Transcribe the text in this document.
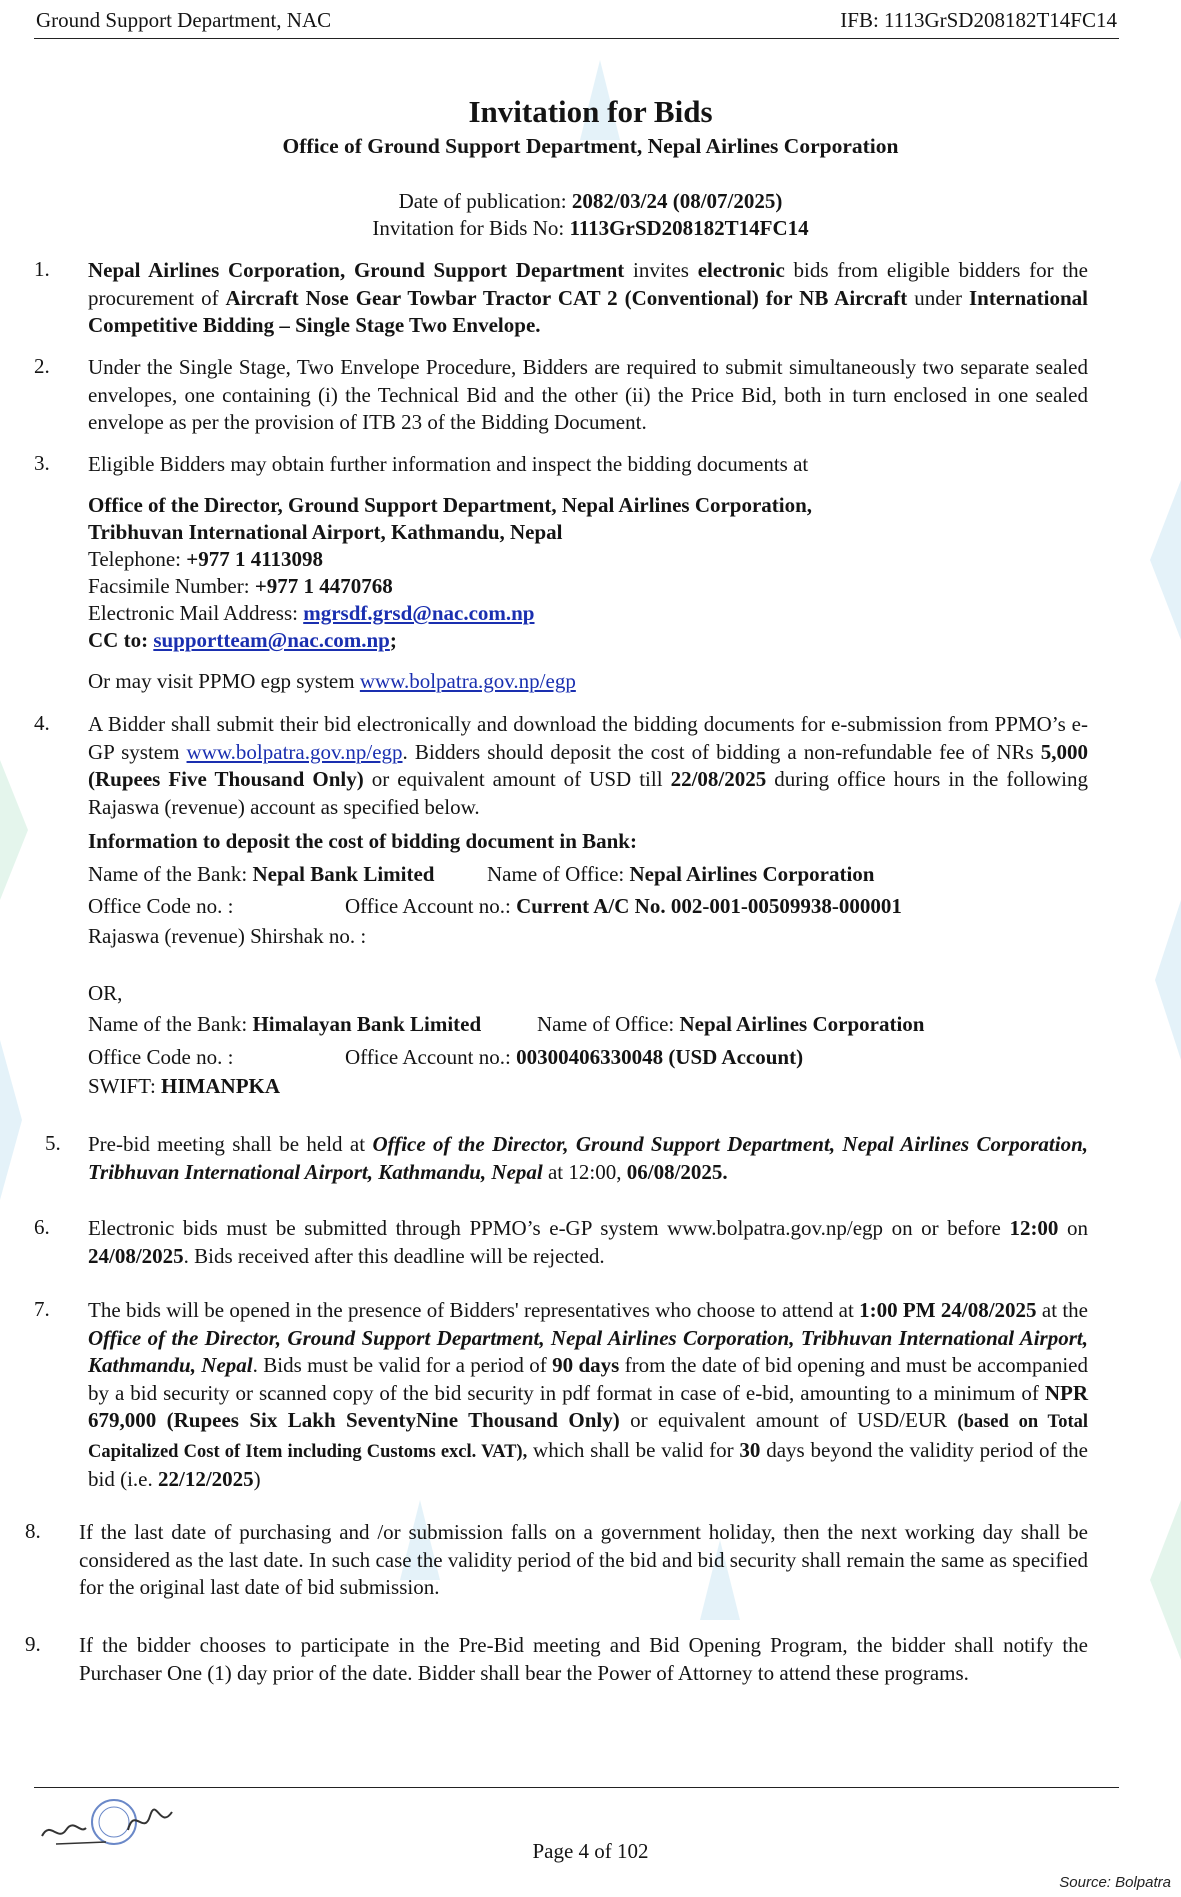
Ground Support Department, NAC	IFB: 1113GrSD208182T14FC14
Invitation for Bids
Office of Ground Support Department, Nepal Airlines Corporation
Date of publication: 2082/03/24 (08/07/2025)
Invitation for Bids No: 1113GrSD208182T14FC14
1. Nepal Airlines Corporation, Ground Support Department invites electronic bids from eligible bidders for the procurement of Aircraft Nose Gear Towbar Tractor CAT 2 (Conventional) for NB Aircraft under International Competitive Bidding – Single Stage Two Envelope.
2. Under the Single Stage, Two Envelope Procedure, Bidders are required to submit simultaneously two separate sealed envelopes, one containing (i) the Technical Bid and the other (ii) the Price Bid, both in turn enclosed in one sealed envelope as per the provision of ITB 23 of the Bidding Document.
3. Eligible Bidders may obtain further information and inspect the bidding documents at
Office of the Director, Ground Support Department, Nepal Airlines Corporation,
Tribhuvan International Airport, Kathmandu, Nepal
Telephone: +977 1 4113098
Facsimile Number: +977 1 4470768
Electronic Mail Address: mgrsdf.grsd@nac.com.np
CC to: supportteam@nac.com.np;
Or may visit PPMO egp system www.bolpatra.gov.np/egp
4. A Bidder shall submit their bid electronically and download the bidding documents for e-submission from PPMO’s e-GP system www.bolpatra.gov.np/egp. Bidders should deposit the cost of bidding a non-refundable fee of NRs 5,000 (Rupees Five Thousand Only) or equivalent amount of USD till 22/08/2025 during office hours in the following Rajaswa (revenue) account as specified below.
Information to deposit the cost of bidding document in Bank:
Name of the Bank: Nepal Bank Limited	Name of Office: Nepal Airlines Corporation
Office Code no. :	Office Account no.: Current A/C No. 002-001-00509938-000001
Rajaswa (revenue) Shirshak no. :
OR,
Name of the Bank: Himalayan Bank Limited	Name of Office: Nepal Airlines Corporation
Office Code no. :	Office Account no.: 00300406330048 (USD Account)
SWIFT: HIMANPKA
5. Pre-bid meeting shall be held at Office of the Director, Ground Support Department, Nepal Airlines Corporation, Tribhuvan International Airport, Kathmandu, Nepal at 12:00, 06/08/2025.
6. Electronic bids must be submitted through PPMO’s e-GP system www.bolpatra.gov.np/egp on or before 12:00 on 24/08/2025. Bids received after this deadline will be rejected.
7. The bids will be opened in the presence of Bidders' representatives who choose to attend at 1:00 PM 24/08/2025 at the Office of the Director, Ground Support Department, Nepal Airlines Corporation, Tribhuvan International Airport, Kathmandu, Nepal. Bids must be valid for a period of 90 days from the date of bid opening and must be accompanied by a bid security or scanned copy of the bid security in pdf format in case of e-bid, amounting to a minimum of NPR 679,000 (Rupees Six Lakh SeventyNine Thousand Only) or equivalent amount of USD/EUR (based on Total Capitalized Cost of Item including Customs excl. VAT), which shall be valid for 30 days beyond the validity period of the bid (i.e. 22/12/2025)
8. If the last date of purchasing and /or submission falls on a government holiday, then the next working day shall be considered as the last date. In such case the validity period of the bid and bid security shall remain the same as specified for the original last date of bid submission.
9. If the bidder chooses to participate in the Pre-Bid meeting and Bid Opening Program, the bidder shall notify the Purchaser One (1) day prior of the date. Bidder shall bear the Power of Attorney to attend these programs.
Page 4 of 102
Source: Bolpatra
